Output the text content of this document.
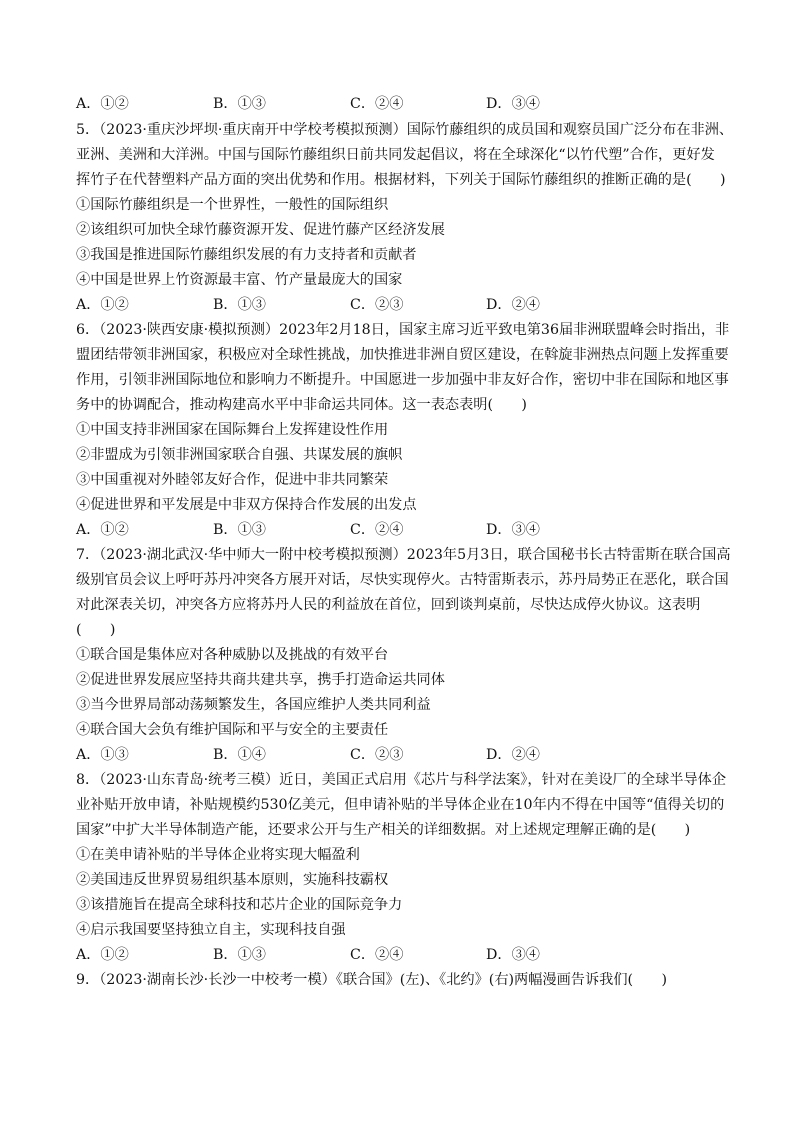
A．①②	B．①③	C．②④	D．③④
5．（2023·重庆沙坪坝·重庆南开中学校考模拟预测）国际竹藤组织的成员国和观察员国广泛分布在非洲、
亚洲、美洲和大洋洲。中国与国际竹藤组织日前共同发起倡议，将在全球深化“以竹代塑”合作，更好发
挥竹子在代替塑料产品方面的突出优势和作用。根据材料，下列关于国际竹藤组织的推断正确的是(　　)
①国际竹藤组织是一个世界性，一般性的国际组织
②该组织可加快全球竹藤资源开发、促进竹藤产区经济发展
③我国是推进国际竹藤组织发展的有力支持者和贡献者
④中国是世界上竹资源最丰富、竹产量最庞大的国家
A．①②	B．①③	C．②③	D．②④
6．（2023·陕西安康·模拟预测）2023年2月18日，国家主席习近平致电第36届非洲联盟峰会时指出，非
盟团结带领非洲国家，积极应对全球性挑战，加快推进非洲自贸区建设，在斡旋非洲热点问题上发挥重要
作用，引领非洲国际地位和影响力不断提升。中国愿进一步加强中非友好合作，密切中非在国际和地区事
务中的协调配合，推动构建高水平中非命运共同体。这一表态表明(　　)
①中国支持非洲国家在国际舞台上发挥建设性作用
②非盟成为引领非洲国家联合自强、共谋发展的旗帜
③中国重视对外睦邻友好合作，促进中非共同繁荣
④促进世界和平发展是中非双方保持合作发展的出发点
A．①②	B．①③	C．②④	D．③④
7．（2023·湖北武汉·华中师大一附中校考模拟预测）2023年5月3日，联合国秘书长古特雷斯在联合国高
级别官员会议上呼吁苏丹冲突各方展开对话，尽快实现停火。古特雷斯表示，苏丹局势正在恶化，联合国
对此深表关切，冲突各方应将苏丹人民的利益放在首位，回到谈判桌前，尽快达成停火协议。这表明
(　　)
①联合国是集体应对各种威胁以及挑战的有效平台
②促进世界发展应坚持共商共建共享，携手打造命运共同体
③当今世界局部动荡频繁发生，各国应维护人类共同利益
④联合国大会负有维护国际和平与安全的主要责任
A．①③	B．①④	C．②③	D．②④
8．（2023·山东青岛·统考三模）近日，美国正式启用《芯片与科学法案》，针对在美设厂的全球半导体企
业补贴开放申请，补贴规模约530亿美元，但申请补贴的半导体企业在10年内不得在中国等“值得关切的
国家”中扩大半导体制造产能，还要求公开与生产相关的详细数据。对上述规定理解正确的是(　　)
①在美申请补贴的半导体企业将实现大幅盈利
②美国违反世界贸易组织基本原则，实施科技霸权
③该措施旨在提高全球科技和芯片企业的国际竞争力
④启示我国要坚持独立自主，实现科技自强
A．①②	B．①③	C．②④	D．③④
9．（2023·湖南长沙·长沙一中校考一模）《联合国》(左)、《北约》(右)两幅漫画告诉我们(　　)
